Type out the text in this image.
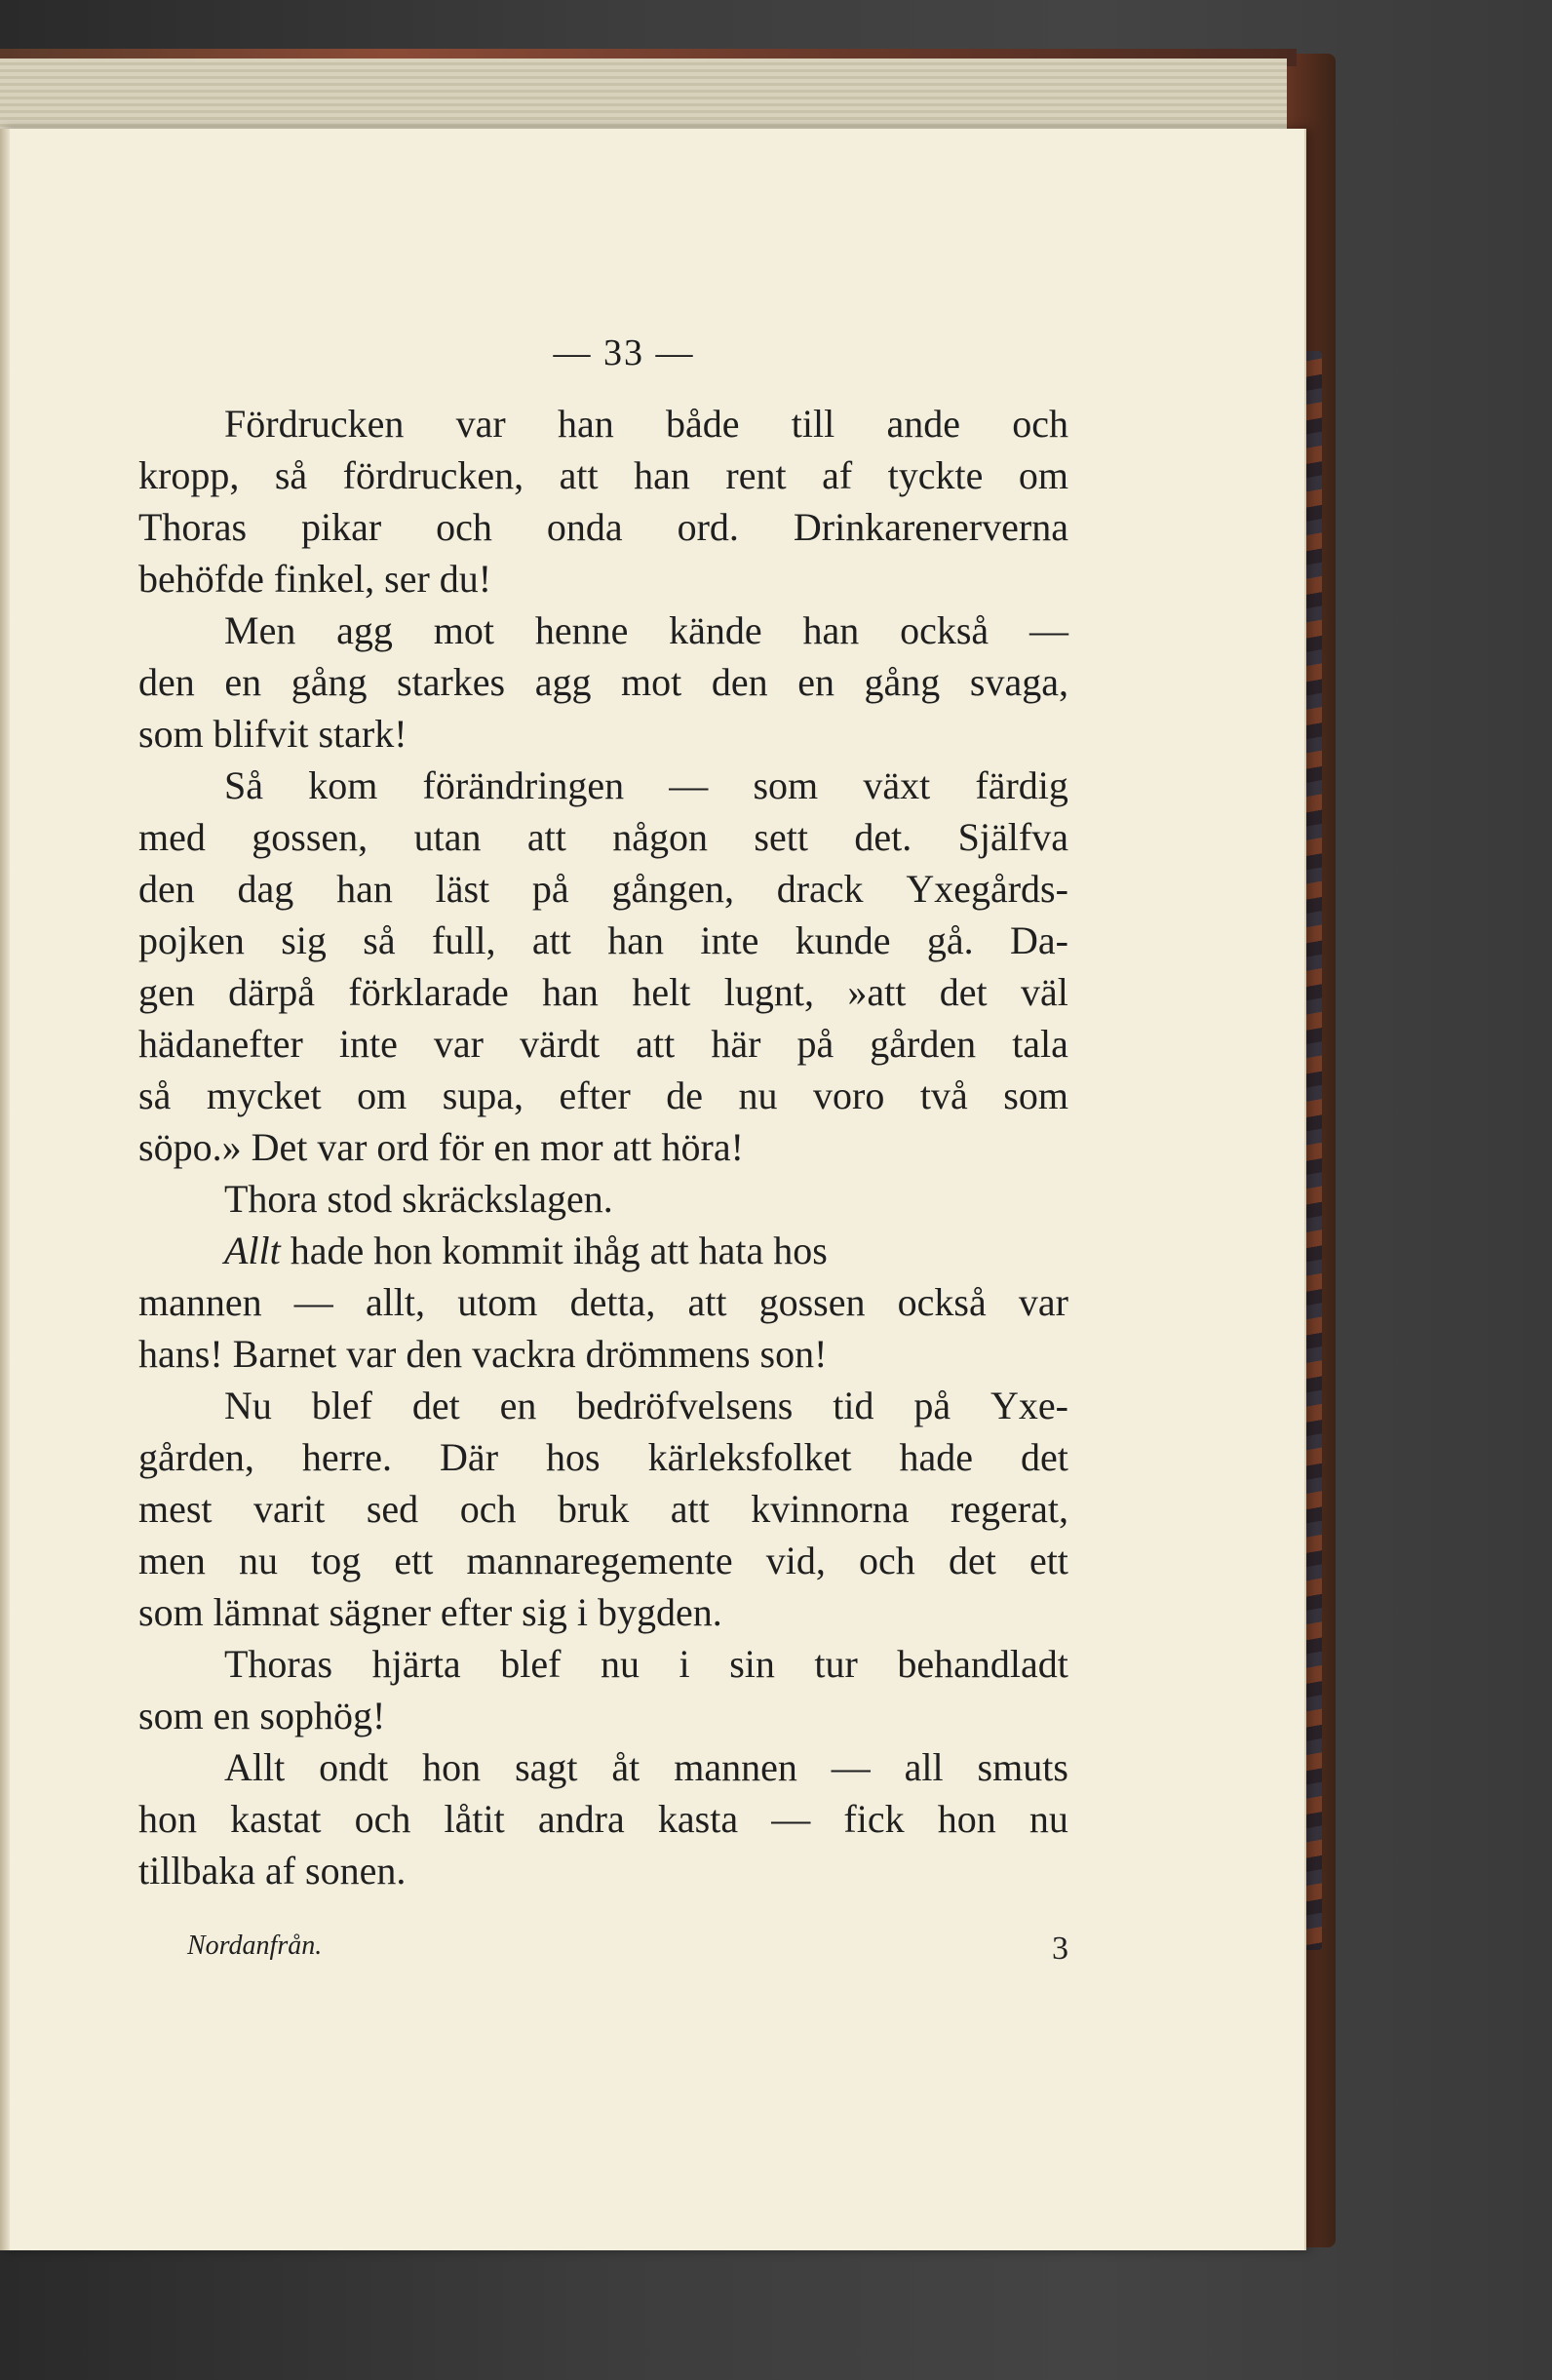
— 33 —
Fördrucken var han både till ande och
kropp, så fördrucken, att han rent af tyckte om
Thoras pikar och onda ord. Drinkarenerverna
behöfde finkel, ser du!
Men agg mot henne kände han också —
den en gång starkes agg mot den en gång svaga,
som blifvit stark!
Så kom förändringen — som växt färdig
med gossen, utan att någon sett det. Själfva
den dag han läst på gången, drack Yxegårds-
pojken sig så full, att han inte kunde gå. Da-
gen därpå förklarade han helt lugnt, »att det väl
hädanefter inte var värdt att här på gården tala
så mycket om supa, efter de nu voro två som
söpo.» Det var ord för en mor att höra!
Thora stod skräckslagen.
Allt hade hon kommit ihåg att hata hos
mannen — allt, utom detta, att gossen också var
hans! Barnet var den vackra drömmens son!
Nu blef det en bedröfvelsens tid på Yxe-
gården, herre. Där hos kärleksfolket hade det
mest varit sed och bruk att kvinnorna regerat,
men nu tog ett mannaregemente vid, och det ett
som lämnat sägner efter sig i bygden.
Thoras hjärta blef nu i sin tur behandladt
som en sophög!
Allt ondt hon sagt åt mannen — all smuts
hon kastat och låtit andra kasta — fick hon nu
tillbaka af sonen.
Nordanfrån.	3
